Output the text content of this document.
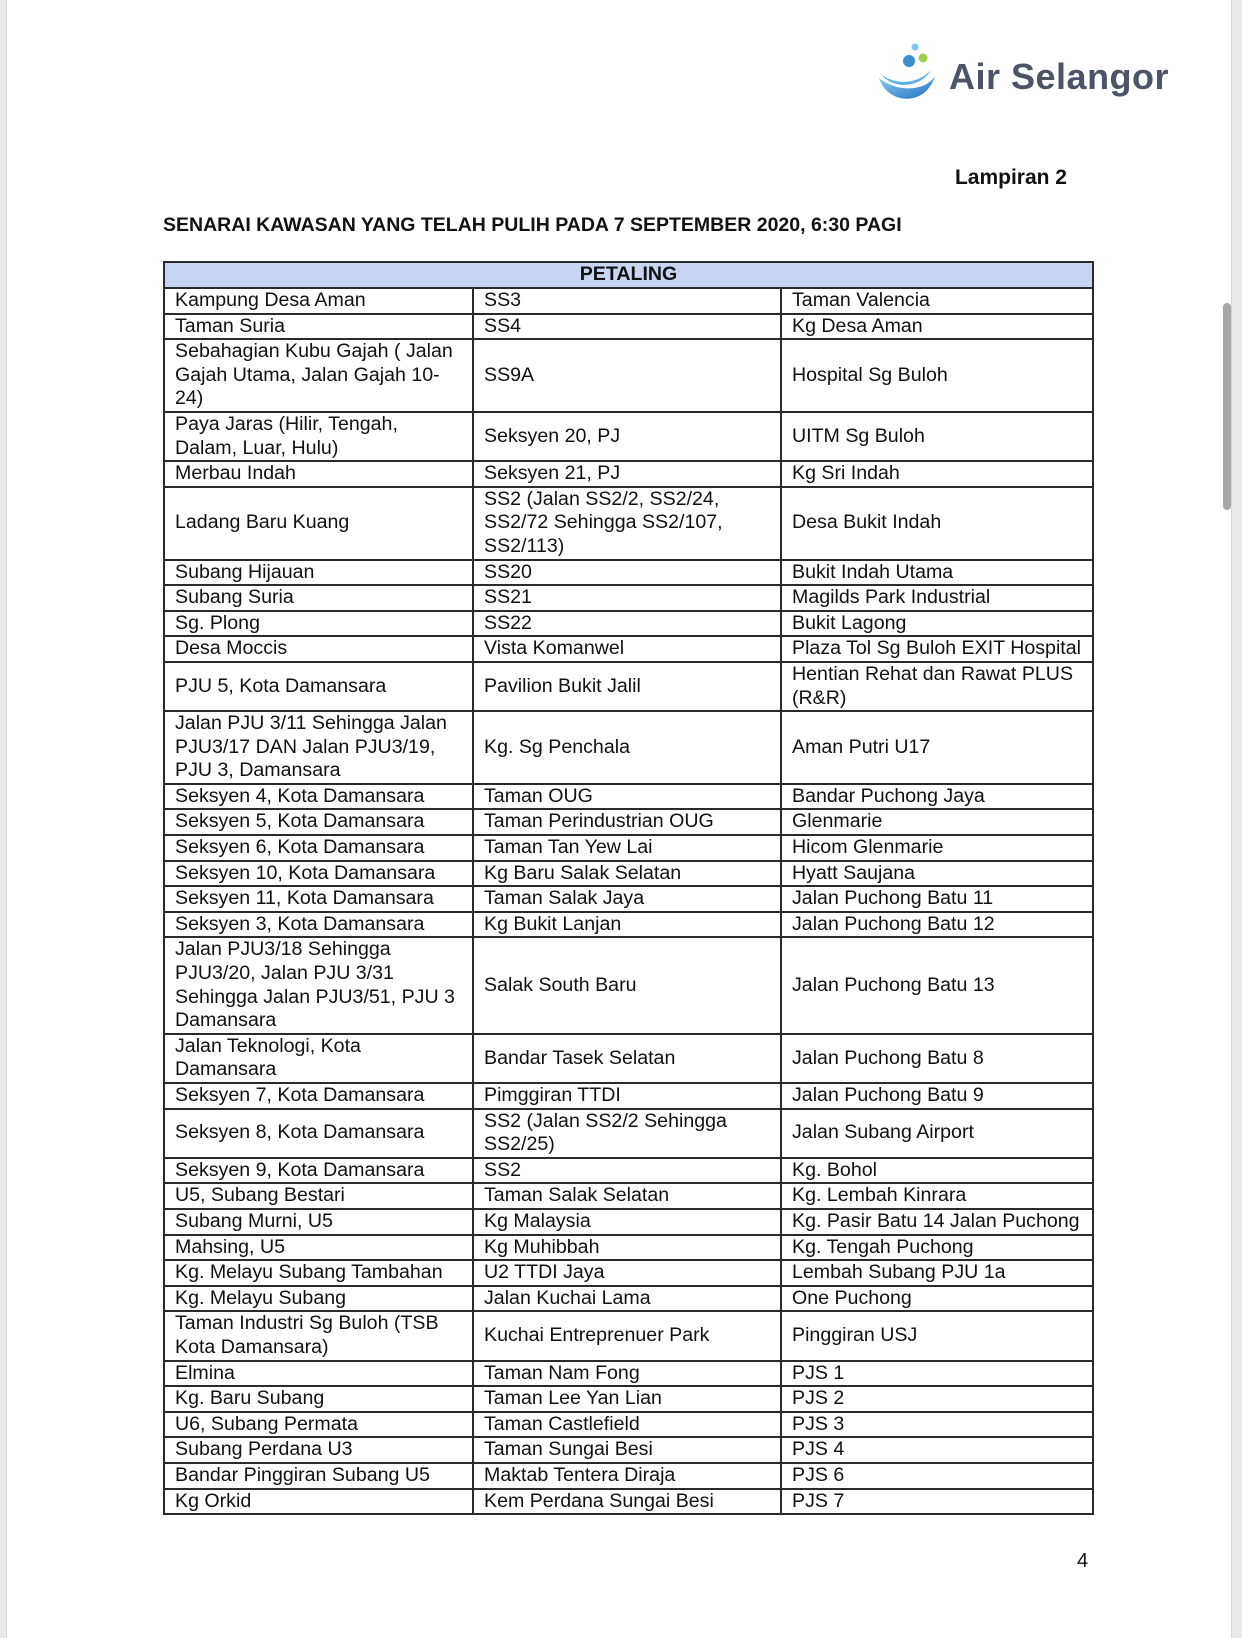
Air Selangor
Lampiran 2
SENARAI KAWASAN YANG TELAH PULIH PADA 7 SEPTEMBER 2020, 6:30 PAGI
PETALING		
Kampung Desa Aman	SS3	Taman Valencia
Taman Suria	SS4	Kg Desa Aman
Sebahagian Kubu Gajah ( Jalan Gajah Utama, Jalan Gajah 10-24)	SS9A	Hospital Sg Buloh
Paya Jaras (Hilir, Tengah, Dalam, Luar, Hulu)	Seksyen 20, PJ	UITM Sg Buloh
Merbau Indah	Seksyen 21, PJ	Kg Sri Indah
Ladang Baru Kuang	SS2 (Jalan SS2/2, SS2/24, SS2/72 Sehingga SS2/107, SS2/113)	Desa Bukit Indah
Subang Hijauan	SS20	Bukit Indah Utama
Subang Suria	SS21	Magilds Park Industrial
Sg. Plong	SS22	Bukit Lagong
Desa Moccis	Vista Komanwel	Plaza Tol Sg Buloh EXIT Hospital
PJU 5, Kota Damansara	Pavilion Bukit Jalil	Hentian Rehat dan Rawat PLUS (R&R)
Jalan PJU 3/11 Sehingga Jalan PJU3/17 DAN Jalan PJU3/19, PJU 3, Damansara	Kg. Sg Penchala	Aman Putri U17
Seksyen 4, Kota Damansara	Taman OUG	Bandar Puchong Jaya
Seksyen 5, Kota Damansara	Taman Perindustrian OUG	Glenmarie
Seksyen 6, Kota Damansara	Taman Tan Yew Lai	Hicom Glenmarie
Seksyen 10, Kota Damansara	Kg Baru Salak Selatan	Hyatt Saujana
Seksyen 11, Kota Damansara	Taman Salak Jaya	Jalan Puchong Batu 11
Seksyen 3, Kota Damansara	Kg Bukit Lanjan	Jalan Puchong Batu 12
Jalan PJU3/18 Sehingga PJU3/20, Jalan PJU 3/31 Sehingga Jalan PJU3/51, PJU 3 Damansara	Salak South Baru	Jalan Puchong Batu 13
Jalan Teknologi, Kota Damansara	Bandar Tasek Selatan	Jalan Puchong Batu 8
Seksyen 7, Kota Damansara	Pimggiran TTDI	Jalan Puchong Batu 9
Seksyen 8, Kota Damansara	SS2 (Jalan SS2/2 Sehingga SS2/25)	Jalan Subang Airport
Seksyen 9, Kota Damansara	SS2	Kg. Bohol
U5, Subang Bestari	Taman Salak Selatan	Kg. Lembah Kinrara
Subang Murni, U5	Kg Malaysia	Kg. Pasir Batu 14 Jalan Puchong
Mahsing, U5	Kg Muhibbah	Kg. Tengah Puchong
Kg. Melayu Subang Tambahan	U2 TTDI Jaya	Lembah Subang PJU 1a
Kg. Melayu Subang	Jalan Kuchai Lama	One Puchong
Taman Industri Sg Buloh (TSB Kota Damansara)	Kuchai Entreprenuer Park	Pinggiran USJ
Elmina	Taman Nam Fong	PJS 1
Kg. Baru Subang	Taman Lee Yan Lian	PJS 2
U6, Subang Permata	Taman Castlefield	PJS 3
Subang Perdana U3	Taman Sungai Besi	PJS 4
Bandar Pinggiran Subang U5	Maktab Tentera Diraja	PJS 6
Kg Orkid	Kem Perdana Sungai Besi	PJS 7
4
